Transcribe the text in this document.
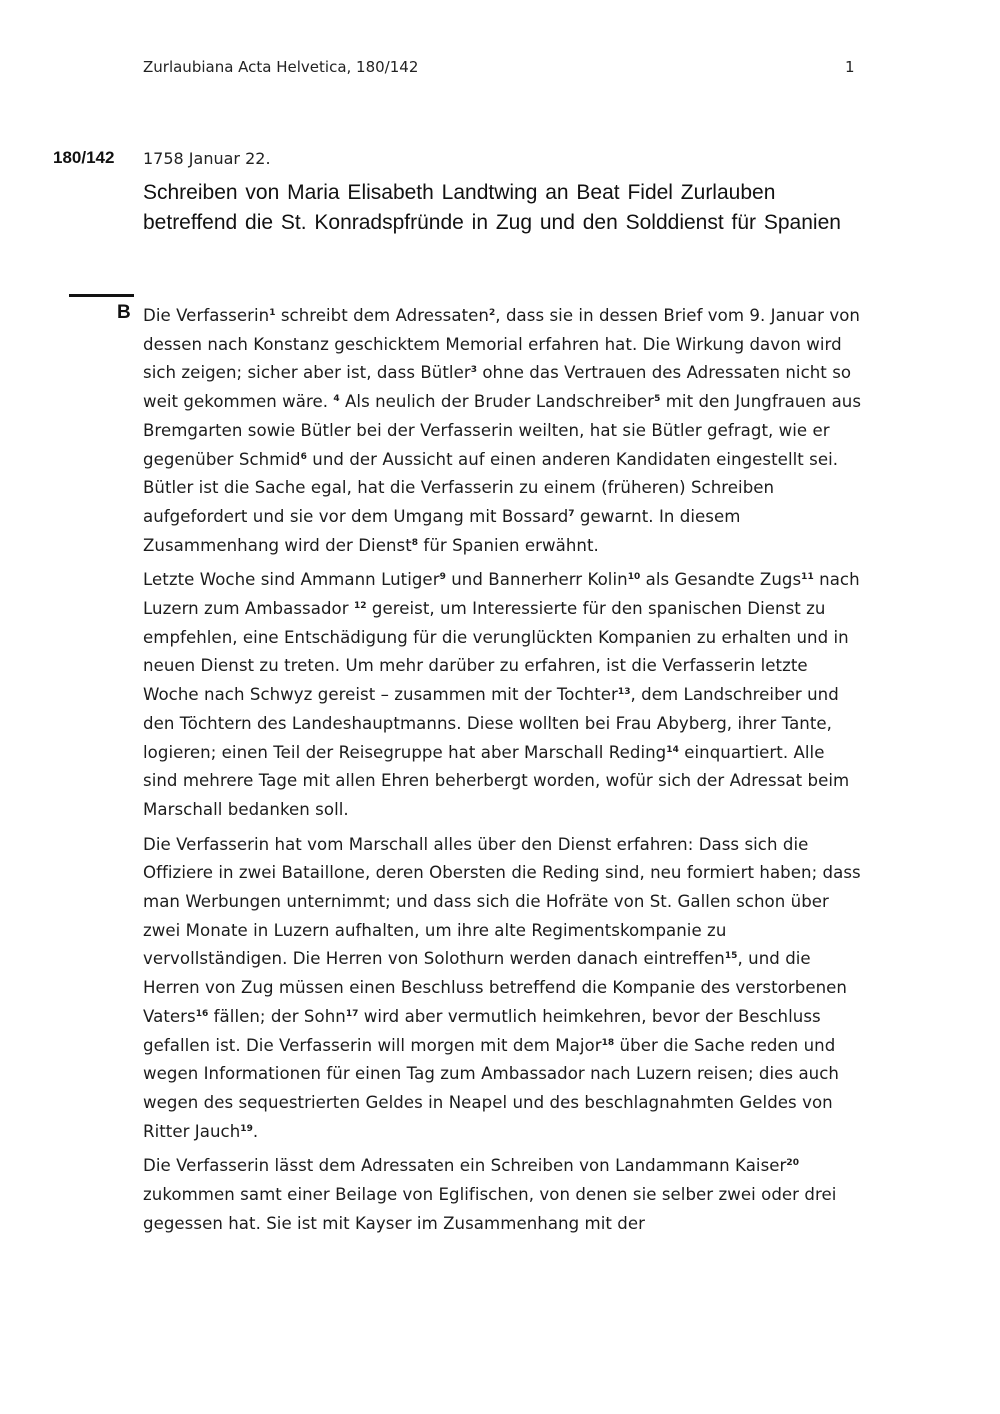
Zurlaubiana Acta Helvetica, 180/142	1
180/142 1758 Januar 22.
Schreiben von Maria Elisabeth Landtwing an Beat Fidel Zurlauben betreffend die St. Konradspfründe in Zug und den Solddienst für Spanien
B Die Verfasserin$^1$ schreibt dem Adressaten$^2$, dass sie in dessen Brief vom 9. Januar von dessen nach Konstanz geschicktem Memorial erfahren hat. Die Wirkung davon wird sich zeigen; sicher aber ist, dass Bütler$^3$ ohne das Vertrauen des Adressaten nicht so weit gekommen wäre. $^4$ Als neulich der Bruder Landschreiber$^5$ mit den Jungfrauen aus Bremgarten sowie Bütler bei der Verfasserin weilten, hat sie Bütler gefragt, wie er gegenüber Schmid$^6$ und der Aussicht auf einen anderen Kandidaten eingestellt sei. Bütler ist die Sache egal, hat die Verfasserin zu einem (früheren) Schreiben aufgefordert und sie vor dem Umgang mit Bossard$^7$ gewarnt. In diesem Zusammenhang wird der Dienst$^8$ für Spanien erwähnt.

Letzte Woche sind Ammann Lutiger$^9$ und Bannerherr Kolin$^{10}$ als Gesandte Zugs$^{11}$ nach Luzern zum Ambassador $^{12}$ gereist, um Interessierte für den spanischen Dienst zu empfehlen, eine Entschädigung für die verunglückten Kompanien zu erhalten und in neuen Dienst zu treten. Um mehr darüber zu erfahren, ist die Verfasserin letzte Woche nach Schwyz gereist – zusammen mit der Tochter$^{13}$, dem Landschreiber und den Töchtern des Landeshauptmanns. Diese wollten bei Frau Abyberg, ihrer Tante, logieren; einen Teil der Reisegruppe hat aber Marschall Reding$^{14}$ einquartiert. Alle sind mehrere Tage mit allen Ehren beherbergt worden, wofür sich der Adressat beim Marschall bedanken soll.

Die Verfasserin hat vom Marschall alles über den Dienst erfahren: Dass sich die Offiziere in zwei Bataillone, deren Obersten die Reding sind, neu formiert haben; dass man Werbungen unternimmt; und dass sich die Hofräte von St. Gallen schon über zwei Monate in Luzern aufhalten, um ihre alte Regimentskompanie zu vervollständigen. Die Herren von Solothurn werden danach eintreffen$^{15}$, und die Herren von Zug müssen einen Beschluss betreffend die Kompanie des verstorbenen Vaters$^{16}$ fällen; der Sohn$^{17}$ wird aber vermutlich heimkehren, bevor der Beschluss gefallen ist. Die Verfasserin will morgen mit dem Major$^{18}$ über die Sache reden und wegen Informationen für einen Tag zum Ambassador nach Luzern reisen; dies auch wegen des sequestrierten Geldes in Neapel und des beschlagnahmten Geldes von Ritter Jauch$^{19}$.

Die Verfasserin lässt dem Adressaten ein Schreiben von Landammann Kaiser$^{20}$ zukommen samt einer Beilage von Eglifischen, von denen sie selber zwei oder drei gegessen hat. Sie ist mit Kayser im Zusammenhang mit der
